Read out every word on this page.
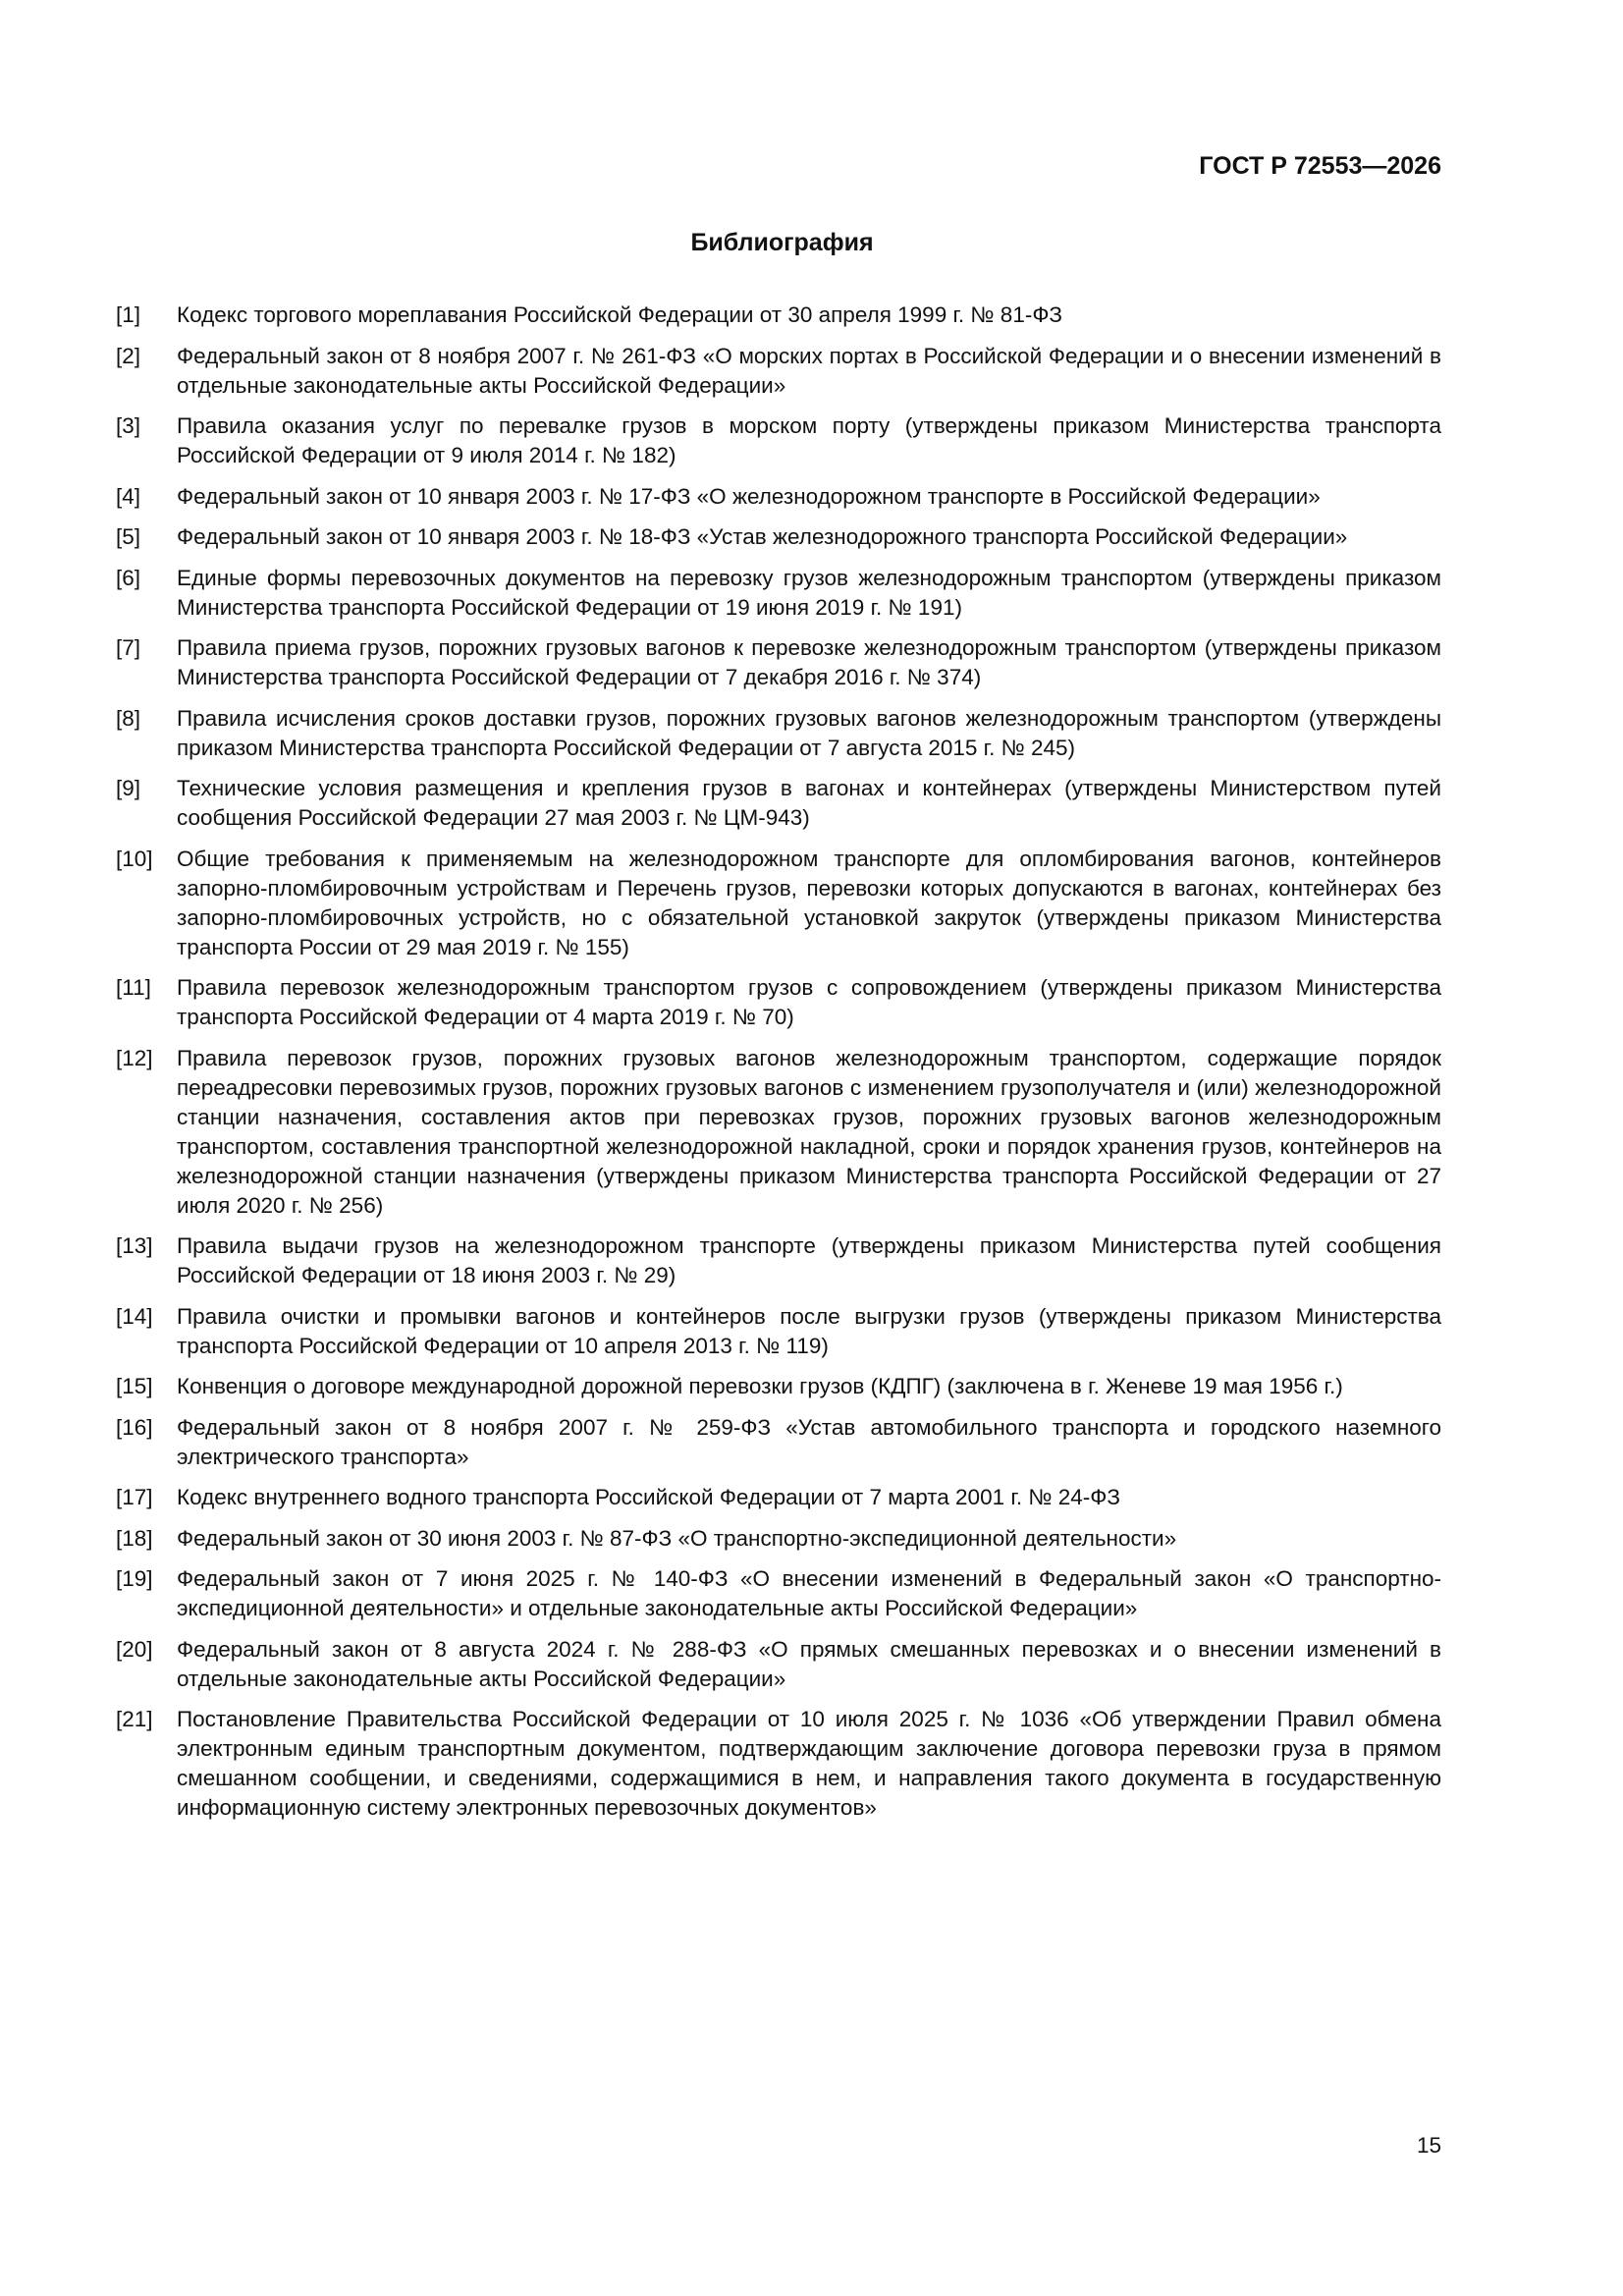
ГОСТ Р 72553—2026
Библиография
[1]	Кодекс торгового мореплавания Российской Федерации от 30 апреля 1999 г. № 81-ФЗ
[2]	Федеральный закон от 8 ноября 2007 г. № 261-ФЗ «О морских портах в Российской Федерации и о внесении изменений в отдельные законодательные акты Российской Федерации»
[3]	Правила оказания услуг по перевалке грузов в морском порту (утверждены приказом Министерства транспорта Российской Федерации от 9 июля 2014 г. № 182)
[4]	Федеральный закон от 10 января 2003 г. № 17-ФЗ «О железнодорожном транспорте в Российской Федерации»
[5]	Федеральный закон от 10 января 2003 г. № 18-ФЗ «Устав железнодорожного транспорта Российской Федерации»
[6]	Единые формы перевозочных документов на перевозку грузов железнодорожным транспортом (утверждены приказом Министерства транспорта Российской Федерации от 19 июня 2019 г. № 191)
[7]	Правила приема грузов, порожних грузовых вагонов к перевозке железнодорожным транспортом (утверждены приказом Министерства транспорта Российской Федерации от 7 декабря 2016 г. № 374)
[8]	Правила исчисления сроков доставки грузов, порожних грузовых вагонов железнодорожным транспортом (утверждены приказом Министерства транспорта Российской Федерации от 7 августа 2015 г. № 245)
[9]	Технические условия размещения и крепления грузов в вагонах и контейнерах (утверждены Министерством путей сообщения Российской Федерации 27 мая 2003 г. № ЦМ-943)
[10]	Общие требования к применяемым на железнодорожном транспорте для опломбирования вагонов, контейнеров запорно-пломбировочным устройствам и Перечень грузов, перевозки которых допускаются в вагонах, контейнерах без запорно-пломбировочных устройств, но с обязательной установкой закруток (утверждены приказом Министерства транспорта России от 29 мая 2019 г. № 155)
[11]	Правила перевозок железнодорожным транспортом грузов с сопровождением (утверждены приказом Министерства транспорта Российской Федерации от 4 марта 2019 г. № 70)
[12]	Правила перевозок грузов, порожних грузовых вагонов железнодорожным транспортом, содержащие порядок переадресовки перевозимых грузов, порожних грузовых вагонов с изменением грузополучателя и (или) железнодорожной станции назначения, составления актов при перевозках грузов, порожних грузовых вагонов железнодорожным транспортом, составления транспортной железнодорожной накладной, сроки и порядок хранения грузов, контейнеров на железнодорожной станции назначения (утверждены приказом Министерства транспорта Российской Федерации от 27 июля 2020 г. № 256)
[13]	Правила выдачи грузов на железнодорожном транспорте (утверждены приказом Министерства путей сообщения Российской Федерации от 18 июня 2003 г. № 29)
[14]	Правила очистки и промывки вагонов и контейнеров после выгрузки грузов (утверждены приказом Министерства транспорта Российской Федерации от 10 апреля 2013 г. № 119)
[15]	Конвенция о договоре международной дорожной перевозки грузов (КДПГ) (заключена в г. Женеве 19 мая 1956 г.)
[16]	Федеральный закон от 8 ноября 2007 г. № 259-ФЗ «Устав автомобильного транспорта и городского наземного электрического транспорта»
[17]	Кодекс внутреннего водного транспорта Российской Федерации от 7 марта 2001 г. № 24-ФЗ
[18]	Федеральный закон от 30 июня 2003 г. № 87-ФЗ «О транспортно-экспедиционной деятельности»
[19]	Федеральный закон от 7 июня 2025 г. № 140-ФЗ «О внесении изменений в Федеральный закон «О транспортно-экспедиционной деятельности» и отдельные законодательные акты Российской Федерации»
[20]	Федеральный закон от 8 августа 2024 г. № 288-ФЗ «О прямых смешанных перевозках и о внесении изменений в отдельные законодательные акты Российской Федерации»
[21]	Постановление Правительства Российской Федерации от 10 июля 2025 г. № 1036 «Об утверждении Правил обмена электронным единым транспортным документом, подтверждающим заключение договора перевозки груза в прямом смешанном сообщении, и сведениями, содержащимися в нем, и направления такого документа в государственную информационную систему электронных перевозочных документов»
15
